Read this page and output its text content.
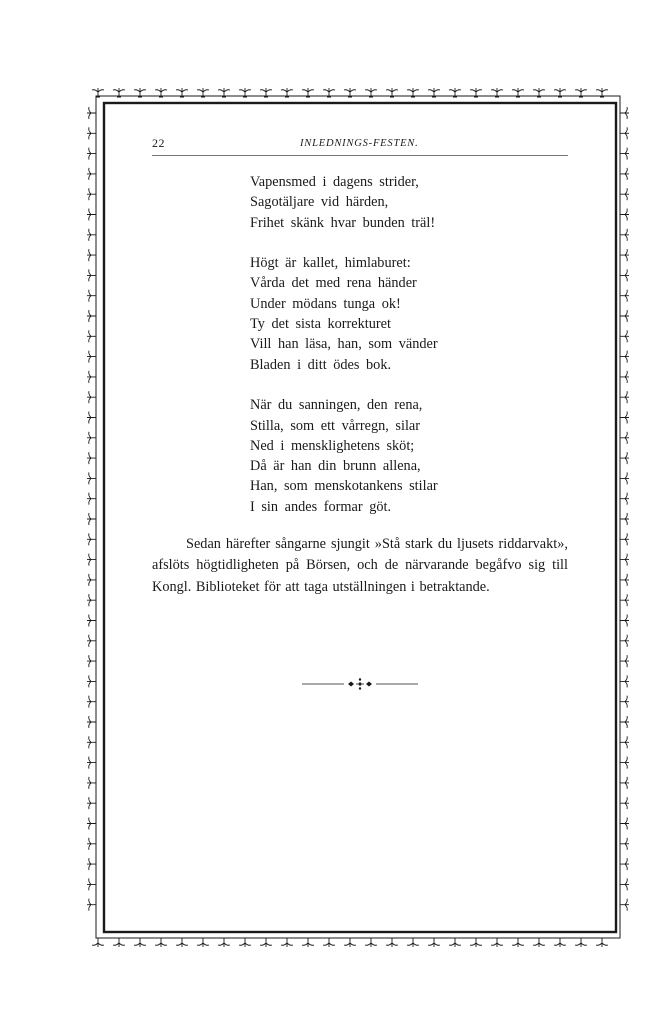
22	INLEDNINGS-FESTEN.
Vapensmed i dagens strider,
Sagotäljare vid härden,
Frihet skänk hvar bunden träl!
Högt är kallet, himlaburet:
Vårda det med rena händer
Under mödans tunga ok!
Ty det sista korrekturet
Vill han läsa, han, som vänder
Bladen i ditt ödes bok.
När du sanningen, den rena,
Stilla, som ett vårregn, silar
Ned i mensklighetens sköt;
Då är han din brunn allena,
Han, som menskotankens stilar
I sin andes formar göt.

Sedan härefter sångarne sjungit »Stå stark du ljusets riddarvakt», afslöts högtidligheten på Börsen, och de närvarande begåfvo sig till Kongl. Biblioteket för att taga utställningen i betraktande.
